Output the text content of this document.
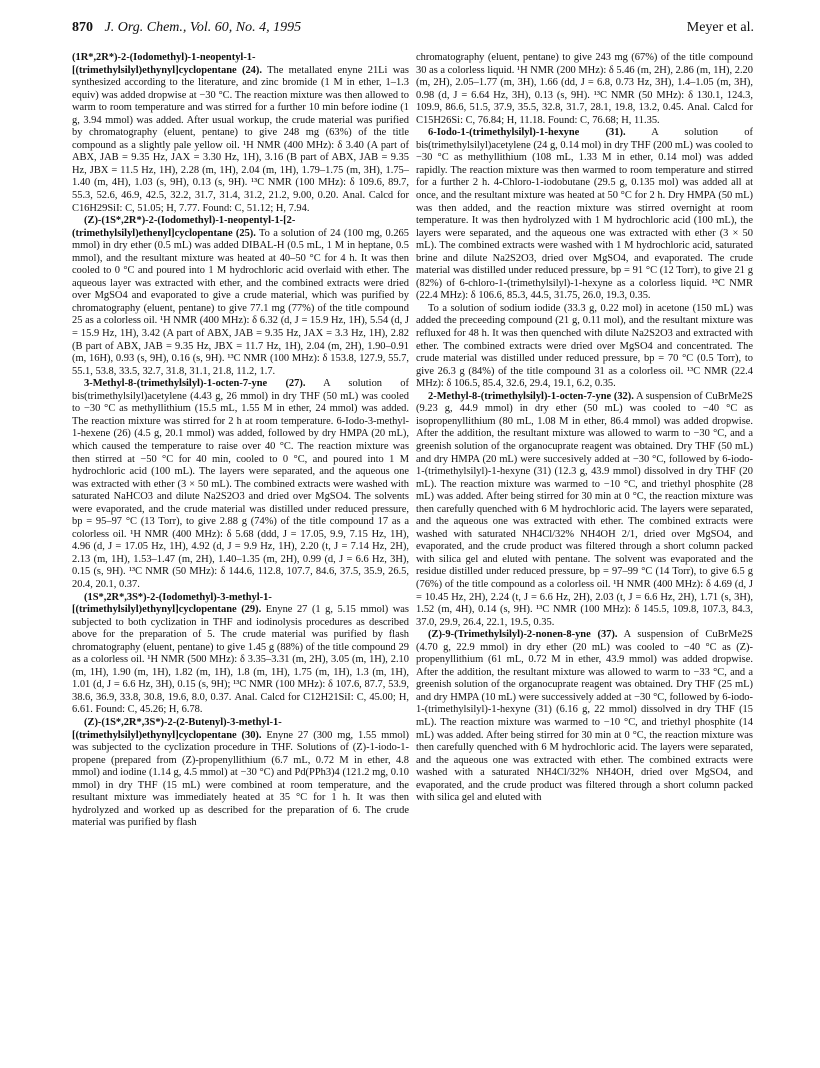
870 J. Org. Chem., Vol. 60, No. 4, 1995	Meyer et al.

(1R*,2R*)-2-(Iodomethyl)-1-neopentyl-1-[(trimethylsilyl)ethynyl]cyclopentane (24). The metallated enyne 21Li was synthesized according to the literature, and zinc bromide (1 M in ether, 1–1.3 equiv) was added dropwise at −30 °C. The reaction mixture was then allowed to warm to room temperature and was stirred for a further 10 min before iodine (1 g, 3.94 mmol) was added. After usual workup, the crude material was purified by chromatography (eluent, pentane) to give 248 mg (63%) of the title compound as a slightly pale yellow oil. ¹H NMR (400 MHz): δ 3.40 (A part of ABX, JAB = 9.35 Hz, JAX = 3.30 Hz, 1H), 3.16 (B part of ABX, JAB = 9.35 Hz, JBX = 11.5 Hz, 1H), 2.28 (m, 1H), 2.04 (m, 1H), 1.79–1.75 (m, 3H), 1.75–1.40 (m, 4H), 1.03 (s, 9H), 0.13 (s, 9H). ¹³C NMR (100 MHz): δ 109.6, 89.7, 55.3, 52.6, 46.9, 42.5, 32.2, 31.7, 31.4, 31.2, 21.2, 9.00, 0.20. Anal. Calcd for C16H29SiI: C, 51.05; H, 7.77. Found: C, 51.12; H, 7.94.

(Z)-(1S*,2R*)-2-(Iodomethyl)-1-neopentyl-1-[2-(trimethylsilyl)ethenyl]cyclopentane (25). To a solution of 24 (100 mg, 0.265 mmol) in dry ether (0.5 mL) was added DIBAL-H (0.5 mL, 1 M in heptane, 0.5 mmol), and the resultant mixture was heated at 40–50 °C for 4 h. It was then cooled to 0 °C and poured into 1 M hydrochloric acid overlaid with ether. The aqueous layer was extracted with ether, and the combined extracts were dried over MgSO4 and evaporated to give a crude material, which was purified by chromatography (eluent, pentane) to give 77.1 mg (77%) of the title compound 25 as a colorless oil. ¹H NMR (400 MHz): δ 6.32 (d, J = 15.9 Hz, 1H), 5.54 (d, J = 15.9 Hz, 1H), 3.42 (A part of ABX, JAB = 9.35 Hz, JAX = 3.3 Hz, 1H), 2.82 (B part of ABX, JAB = 9.35 Hz, JBX = 11.7 Hz, 1H), 2.04 (m, 2H), 1.90–0.91 (m, 16H), 0.93 (s, 9H), 0.16 (s, 9H). ¹³C NMR (100 MHz): δ 153.8, 127.9, 55.7, 55.1, 53.8, 33.5, 32.7, 31.8, 31.1, 21.8, 11.2, 1.7.

3-Methyl-8-(trimethylsilyl)-1-octen-7-yne (27). A solution of bis(trimethylsilyl)acetylene (4.43 g, 26 mmol) in dry THF (50 mL) was cooled to −30 °C as methyllithium (15.5 mL, 1.55 M in ether, 24 mmol) was added. The reaction mixture was stirred for 2 h at room temperature. 6-Iodo-3-methyl-1-hexene (26) (4.5 g, 20.1 mmol) was added, followed by dry HMPA (20 mL), which caused the temperature to raise over 40 °C. The reaction mixture was then stirred at −50 °C for 40 min, cooled to 0 °C, and poured into 1 M hydrochloric acid (100 mL). The layers were separated, and the aqueous one was extracted with ether (3 × 50 mL). The combined extracts were washed with saturated NaHCO3 and dilute Na2S2O3 and dried over MgSO4. The solvents were evaporated, and the crude material was distilled under reduced pressure, bp = 95–97 °C (13 Torr), to give 2.88 g (74%) of the title compound 17 as a colorless oil. ¹H NMR (400 MHz): δ 5.68 (ddd, J = 17.05, 9.9, 7.15 Hz, 1H), 4.96 (d, J = 17.05 Hz, 1H), 4.92 (d, J = 9.9 Hz, 1H), 2.20 (t, J = 7.14 Hz, 2H), 2.13 (m, 1H), 1.53–1.47 (m, 2H), 1.40–1.35 (m, 2H), 0.99 (d, J = 6.6 Hz, 3H), 0.15 (s, 9H). ¹³C NMR (50 MHz): δ 144.6, 112.8, 107.7, 84.6, 37.5, 35.9, 26.5, 20.4, 20.1, 0.37.

(1S*,2R*,3S*)-2-(Iodomethyl)-3-methyl-1-[(trimethylsilyl)ethynyl]cyclopentane (29). Enyne 27 (1 g, 5.15 mmol) was subjected to both cyclization in THF and iodinolysis procedures as described above for the preparation of 5. The crude material was purified by flash chromatography (eluent, pentane) to give 1.45 g (88%) of the title compound 29 as a colorless oil. ¹H NMR (500 MHz): δ 3.35–3.31 (m, 2H), 3.05 (m, 1H), 2.10 (m, 1H), 1.90 (m, 1H), 1.82 (m, 1H), 1.8 (m, 1H), 1.75 (m, 1H), 1.3 (m, 1H), 1.01 (d, J = 6.6 Hz, 3H), 0.15 (s, 9H); ¹³C NMR (100 MHz): δ 107.6, 87.7, 53.9, 38.6, 36.9, 33.8, 30.8, 19.6, 8.0, 0.37. Anal. Calcd for C12H21SiI: C, 45.00; H, 6.61. Found: C, 45.26; H, 6.78.

(Z)-(1S*,2R*,3S*)-2-(2-Butenyl)-3-methyl-1-[(trimethylsilyl)ethynyl]cyclopentane (30). Enyne 27 (300 mg, 1.55 mmol) was subjected to the cyclization procedure in THF. Solutions of (Z)-1-iodo-1-propene (prepared from (Z)-propenyllithium (6.7 mL, 0.72 M in ether, 4.8 mmol) and iodine (1.14 g, 4.5 mmol) at −30 °C) and Pd(PPh3)4 (121.2 mg, 0.10 mmol) in dry THF (15 mL) were combined at room temperature, and the resultant mixture was immediately heated at 35 °C for 1 h. It was then hydrolyzed and worked up as described for the preparation of 6. The crude material was purified by flash

chromatography (eluent, pentane) to give 243 mg (67%) of the title compound 30 as a colorless liquid. ¹H NMR (200 MHz): δ 5.46 (m, 2H), 2.86 (m, 1H), 2.20 (m, 2H), 2.05–1.77 (m, 3H), 1.66 (dd, J = 6.8, 0.73 Hz, 3H), 1.4–1.05 (m, 3H), 0.98 (d, J = 6.64 Hz, 3H), 0.13 (s, 9H). ¹³C NMR (50 MHz): δ 130.1, 124.3, 109.9, 86.6, 51.5, 37.9, 35.5, 32.8, 31.7, 28.1, 19.8, 13.2, 0.45. Anal. Calcd for C15H26Si: C, 76.84; H, 11.18. Found: C, 76.68; H, 11.35.

6-Iodo-1-(trimethylsilyl)-1-hexyne (31). A solution of bis(trimethylsilyl)acetylene (24 g, 0.14 mol) in dry THF (200 mL) was cooled to −30 °C as methyllithium (108 mL, 1.33 M in ether, 0.14 mol) was added rapidly. The reaction mixture was then warmed to room temperature and stirred for a further 2 h. 4-Chloro-1-iodobutane (29.5 g, 0.135 mol) was added all at once, and the resultant mixture was heated at 50 °C for 2 h. Dry HMPA (50 mL) was then added, and the reaction mixture was stirred overnight at room temperature. It was then hydrolyzed with 1 M hydrochloric acid (100 mL), the layers were separated, and the aqueous one was extracted with ether (3 × 50 mL). The combined extracts were washed with 1 M hydrochloric acid, saturated brine and dilute Na2S2O3, dried over MgSO4, and evaporated. The crude material was distilled under reduced pressure, bp = 91 °C (12 Torr), to give 21 g (82%) of 6-chloro-1-(trimethylsilyl)-1-hexyne as a colorless liquid. ¹³C NMR (22.4 MHz): δ 106.6, 85.3, 44.5, 31.75, 26.0, 19.3, 0.35.

To a solution of sodium iodide (33.3 g, 0.22 mol) in acetone (150 mL) was added the preceeding compound (21 g, 0.11 mol), and the resultant mixture was refluxed for 48 h. It was then quenched with dilute Na2S2O3 and extracted with ether. The combined extracts were dried over MgSO4 and concentrated. The crude material was distilled under reduced pressure, bp = 70 °C (0.5 Torr), to give 26.3 g (84%) of the title compound 31 as a colorless oil. ¹³C NMR (22.4 MHz): δ 106.5, 85.4, 32.6, 29.4, 19.1, 6.2, 0.35.

2-Methyl-8-(trimethylsilyl)-1-octen-7-yne (32). A suspension of CuBrMe2S (9.23 g, 44.9 mmol) in dry ether (50 mL) was cooled to −40 °C as isopropenyllithium (80 mL, 1.08 M in ether, 86.4 mmol) was added dropwise. After the addition, the resultant mixture was allowed to warm to −30 °C, and a greenish solution of the organocuprate reagent was obtained. Dry THF (50 mL) and dry HMPA (20 mL) were succesively added at −30 °C, followed by 6-iodo-1-(trimethylsilyl)-1-hexyne (31) (12.3 g, 43.9 mmol) dissolved in dry THF (20 mL). The reaction mixture was warmed to −10 °C, and triethyl phosphite (28 mL) was added. After being stirred for 30 min at 0 °C, the reaction mixture was then carefully quenched with 6 M hydrochloric acid. The layers were separated, and the aqueous one was extracted with ether. The combined extracts were washed with saturated NH4Cl/32% NH4OH 2/1, dried over MgSO4, and evaporated, and the crude product was filtered through a short column packed with silica gel and eluted with pentane. The solvent was evaporated and the residue distilled under reduced pressure, bp = 97–99 °C (14 Torr), to give 6.5 g (76%) of the title compound as a colorless oil. ¹H NMR (400 MHz): δ 4.69 (d, J = 10.45 Hz, 2H), 2.24 (t, J = 6.6 Hz, 2H), 2.03 (t, J = 6.6 Hz, 2H), 1.71 (s, 3H), 1.52 (m, 4H), 0.14 (s, 9H). ¹³C NMR (100 MHz): δ 145.5, 109.8, 107.3, 84.3, 37.0, 29.9, 26.4, 22.1, 19.5, 0.35.

(Z)-9-(Trimethylsilyl)-2-nonen-8-yne (37). A suspension of CuBrMe2S (4.70 g, 22.9 mmol) in dry ether (20 mL) was cooled to −40 °C as (Z)-propenyllithium (61 mL, 0.72 M in ether, 43.9 mmol) was added dropwise. After the addition, the resultant mixture was allowed to warm to −33 °C, and a greenish solution of the organocuprate reagent was obtained. Dry THF (25 mL) and dry HMPA (10 mL) were successively added at −30 °C, followed by 6-iodo-1-(trimethylsilyl)-1-hexyne (31) (6.16 g, 22 mmol) dissolved in dry THF (15 mL). The reaction mixture was warmed to −10 °C, and triethyl phosphite (14 mL) was added. After being stirred for 30 min at 0 °C, the reaction mixture was then carefully quenched with 6 M hydrochloric acid. The layers were separated, and the aqueous one was extracted with ether. The combined extracts were washed with a saturated NH4Cl/32% NH4OH, dried over MgSO4, and evaporated, and the crude product was filtered through a short column packed with silica gel and eluted with
